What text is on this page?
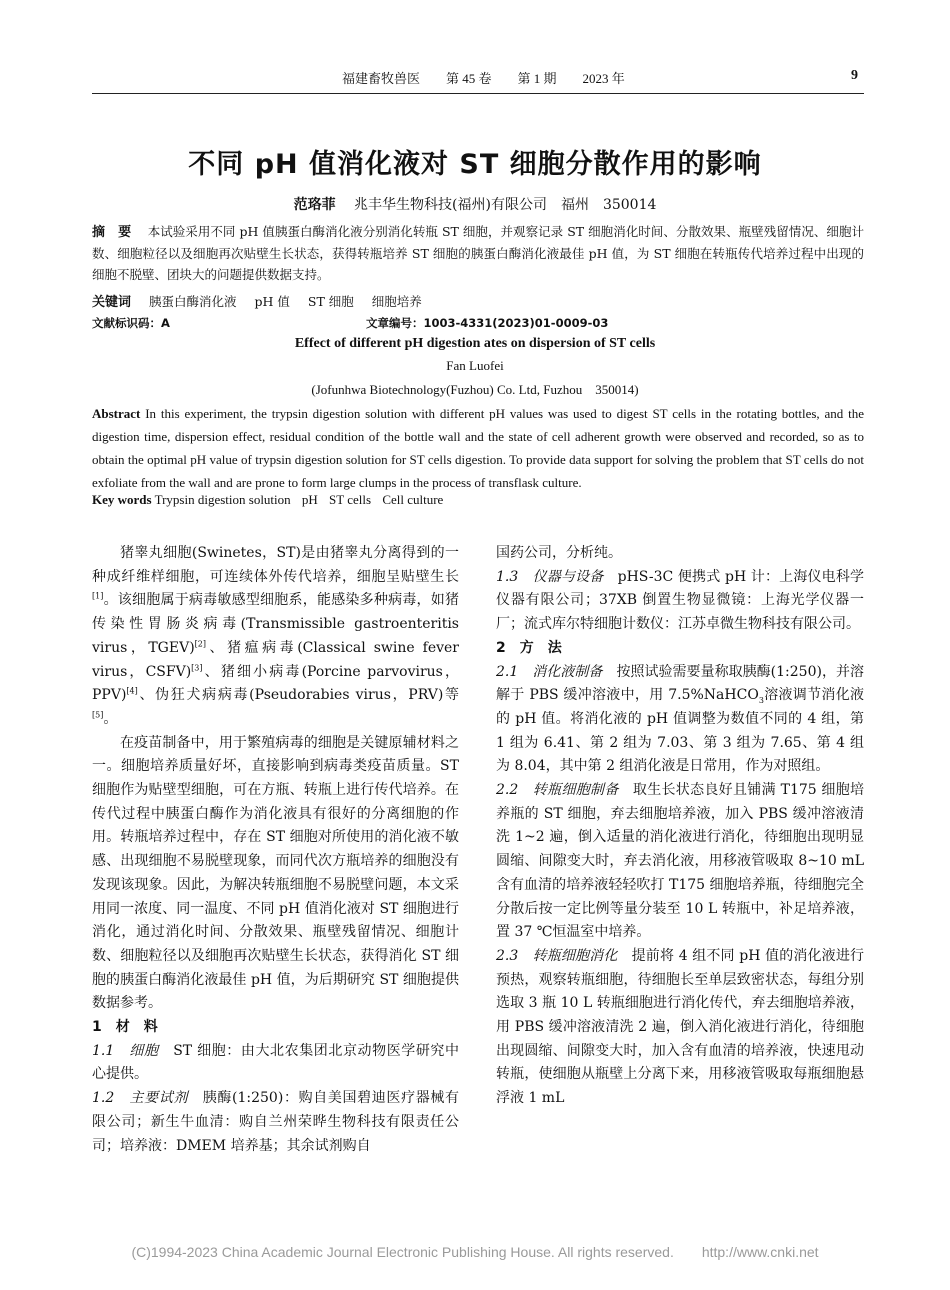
福建畜牧兽医　　第 45 卷　　第 1 期　　2023 年	9
不同 pH 值消化液对 ST 细胞分散作用的影响
范珞菲　 兆丰华生物科技(福州)有限公司　福州　350014
摘　要　 本试验采用不同 pH 值胰蛋白酶消化液分别消化转瓶 ST 细胞，并观察记录 ST 细胞消化时间、分散效果、瓶壁残留情况、细胞计数、细胞粒径以及细胞再次贴壁生长状态，获得转瓶培养 ST 细胞的胰蛋白酶消化液最佳 pH 值，为 ST 细胞在转瓶传代培养过程中出现的细胞不脱壁、团块大的问题提供数据支持。
关键词 胰蛋白酶消化液 pH 值 ST 细胞 细胞培养
文献标识码：A	文章编号：1003-4331(2023)01-0009-03
Effect of different pH digestion ates on dispersion of ST cells
Fan Luofei
(Jofunhwa Biotechnology(Fuzhou) Co. Ltd, Fuzhou　350014)
Abstract In this experiment, the trypsin digestion solution with different pH values was used to digest ST cells in the rotating bottles, and the digestion time, dispersion effect, residual condition of the bottle wall and the state of cell adherent growth were observed and recorded, so as to obtain the optimal pH value of trypsin digestion solution for ST cells digestion. To provide data support for solving the problem that ST cells do not exfoliate from the wall and are prone to form large clumps in the process of transflask culture.
Key words Trypsin digestion solution pH ST cells Cell culture

猪睾丸细胞(Swinetes，ST)是由猪睾丸分离得到的一种成纤维样细胞，可连续体外传代培养，细胞呈贴壁生长[1]。该细胞属于病毒敏感型细胞系，能感染多种病毒，如猪传染性胃肠炎病毒(Transmissible gastroenteritis virus，TGEV)[2]、猪瘟病毒(Classical swine fever virus，CSFV)[3]、猪细小病毒(Porcine parvovirus，PPV)[4]、伪狂犬病病毒(Pseudorabies virus，PRV)等[5]。

在疫苗制备中，用于繁殖病毒的细胞是关键原辅材料之一。细胞培养质量好坏，直接影响到病毒类疫苗质量。ST 细胞作为贴壁型细胞，可在方瓶、转瓶上进行传代培养。在传代过程中胰蛋白酶作为消化液具有很好的分离细胞的作用。转瓶培养过程中，存在 ST 细胞对所使用的消化液不敏感、出现细胞不易脱壁现象，而同代次方瓶培养的细胞没有发现该现象。因此，为解决转瓶细胞不易脱壁问题，本文采用同一浓度、同一温度、不同 pH 值消化液对 ST 细胞进行消化，通过消化时间、分散效果、瓶壁残留情况、细胞计数、细胞粒径以及细胞再次贴壁生长状态，获得消化 ST 细胞的胰蛋白酶消化液最佳 pH 值，为后期研究 ST 细胞提供数据参考。

1　材　料

1.1　细胞　 ST 细胞：由大北农集团北京动物医学研究中心提供。

1.2　主要试剂　 胰酶(1:250)：购自美国碧迪医疗器械有限公司；新生牛血清：购自兰州荣晔生物科技有限责任公司；培养液：DMEM 培养基；其余试剂购自

国药公司，分析纯。

1.3　仪器与设备　 pHS-3C 便携式 pH 计：上海仪电科学仪器有限公司；37XB 倒置生物显微镜：上海光学仪器一厂；流式库尔特细胞计数仪：江苏卓微生物科技有限公司。

2　方　法

2.1　消化液制备　 按照试验需要量称取胰酶(1:250)，并溶解于 PBS 缓冲溶液中，用 7.5%NaHCO$_3$溶液调节消化液的 pH 值。将消化液的 pH 值调整为数值不同的 4 组，第 1 组为 6.41、第 2 组为 7.03、第 3 组为 7.65、第 4 组为 8.04，其中第 2 组消化液是日常用，作为对照组。

2.2　转瓶细胞制备　 取生长状态良好且铺满 T175 细胞培养瓶的 ST 细胞，弃去细胞培养液，加入 PBS 缓冲溶液清洗 1~2 遍，倒入适量的消化液进行消化，待细胞出现明显圆缩、间隙变大时，弃去消化液，用移液管吸取 8~10 mL 含有血清的培养液轻轻吹打 T175 细胞培养瓶，待细胞完全分散后按一定比例等量分装至 10 L 转瓶中，补足培养液，置 37 ℃恒温室中培养。

2.3　转瓶细胞消化　 提前将 4 组不同 pH 值的消化液进行预热，观察转瓶细胞，待细胞长至单层致密状态，每组分别选取 3 瓶 10 L 转瓶细胞进行消化传代，弃去细胞培养液，用 PBS 缓冲溶液清洗 2 遍，倒入消化液进行消化，待细胞出现圆缩、间隙变大时，加入含有血清的培养液，快速甩动转瓶，使细胞从瓶壁上分离下来，用移液管吸取每瓶细胞悬浮液 1 mL

(C)1994-2023 China Academic Journal Electronic Publishing House. All rights reserved.　　http://www.cnki.net
